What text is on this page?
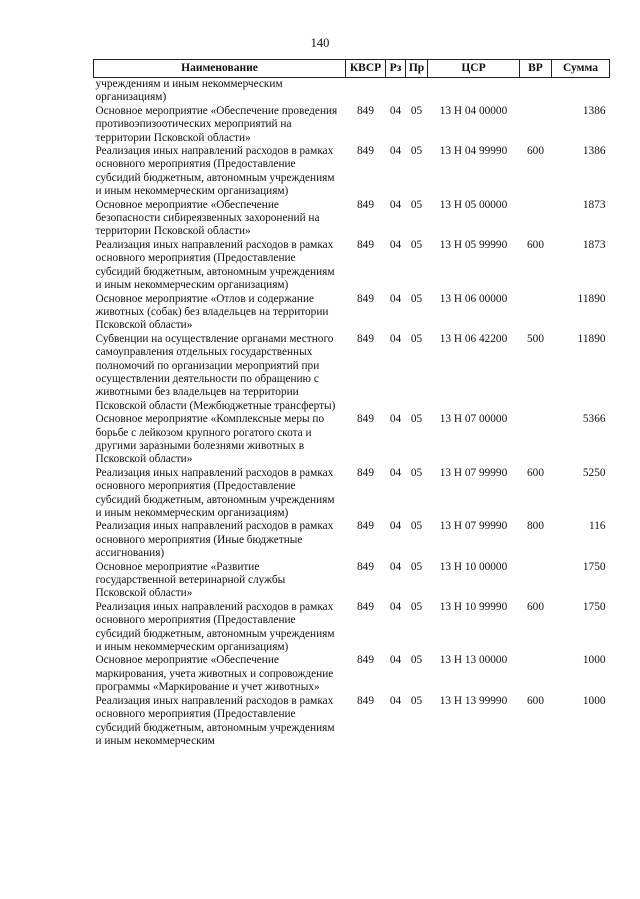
140
Наименование	КВСР	Рз	Пр	ЦСР	ВР	Сумма
учреждениям и иным некоммерческим организациям)						
Основное мероприятие «Обеспечение проведения противоэпизоотических мероприятий на территории Псковской области»	849	04	05	13 Н 04 00000		1386
Реализация иных направлений расходов в рамках основного мероприятия (Предоставление субсидий бюджетным, автономным учреждениям и иным некоммерческим организациям)	849	04	05	13 Н 04 99990	600	1386
Основное мероприятие «Обеспечение безопасности сибиреязвенных захоронений на территории Псковской области»	849	04	05	13 Н 05 00000		1873
Реализация иных направлений расходов в рамках основного мероприятия (Предоставление субсидий бюджетным, автономным учреждениям и иным некоммерческим организациям)	849	04	05	13 Н 05 99990	600	1873
Основное мероприятие «Отлов и содержание животных (собак) без владельцев на территории Псковской области»	849	04	05	13 Н 06 00000		11890
Субвенции на осуществление органами местного самоуправления отдельных государственных полномочий по организации мероприятий при осуществлении деятельности по обращению с животными без владельцев на территории Псковской области (Межбюджетные трансферты)	849	04	05	13 Н 06 42200	500	11890
Основное мероприятие «Комплексные меры по борьбе с лейкозом крупного рогатого скота и другими заразными болезнями животных в Псковской области»	849	04	05	13 Н 07 00000		5366
Реализация иных направлений расходов в рамках основного мероприятия (Предоставление субсидий бюджетным, автономным учреждениям и иным некоммерческим организациям)	849	04	05	13 Н 07 99990	600	5250
Реализация иных направлений расходов в рамках основного мероприятия (Иные бюджетные ассигнования)	849	04	05	13 Н 07 99990	800	116
Основное мероприятие «Развитие государственной ветеринарной службы Псковской области»	849	04	05	13 Н 10 00000		1750
Реализация иных направлений расходов в рамках основного мероприятия (Предоставление субсидий бюджетным, автономным учреждениям и иным некоммерческим организациям)	849	04	05	13 Н 10 99990	600	1750
Основное мероприятие «Обеспечение маркирования, учета животных и сопровождение программы «Маркирование и учет животных»	849	04	05	13 Н 13 00000		1000
Реализация иных направлений расходов в рамках основного мероприятия (Предоставление субсидий бюджетным, автономным учреждениям и иным некоммерческим	849	04	05	13 Н 13 99990	600	1000
